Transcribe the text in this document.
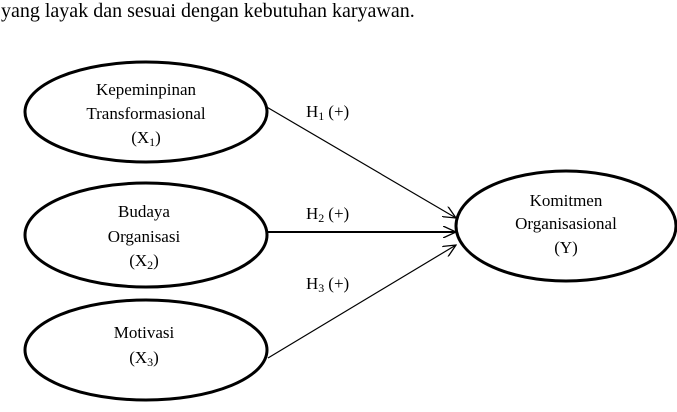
yang layak dan sesuai dengan kebutuhan karyawan.
Kepeminpinan
Transformasional
(X1)
Budaya
Organisasi
(X2)
Motivasi
(X3)
Komitmen
Organisasional
(Y)
H1 (+)
H2 (+)
H3 (+)
